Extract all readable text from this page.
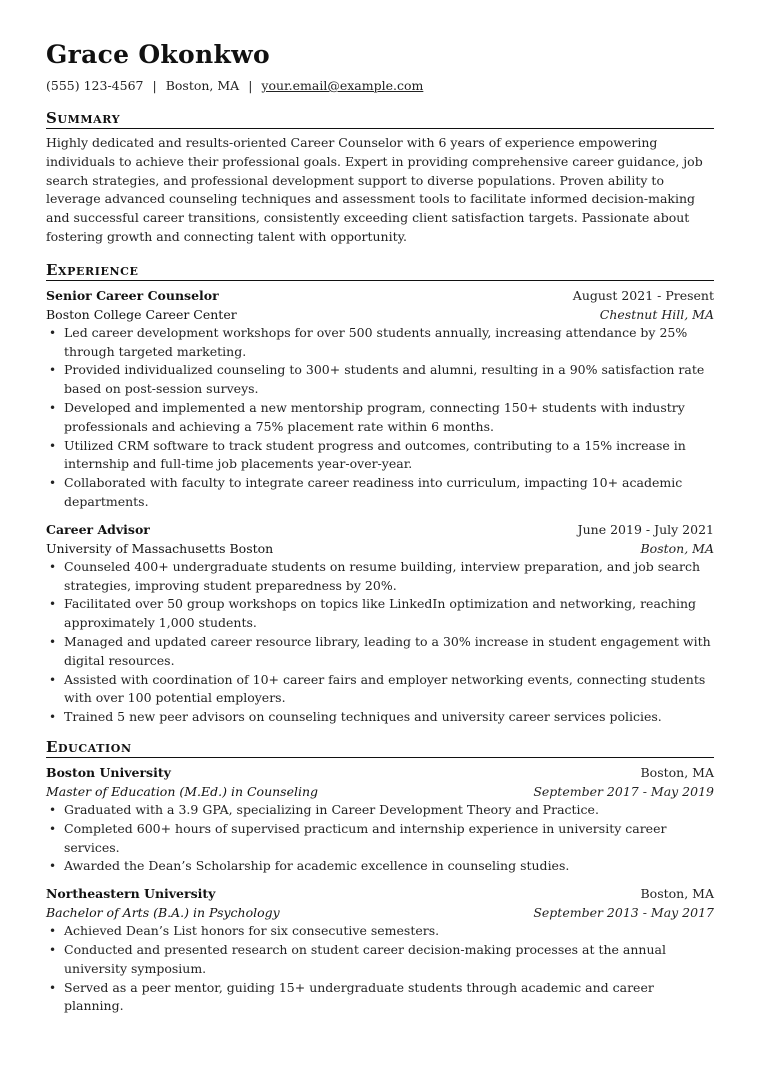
Grace Okonkwo
(555) 123-4567 | Boston, MA | your.email@example.com
Summary
Highly dedicated and results-oriented Career Counselor with 6 years of experience empowering individuals to achieve their professional goals. Expert in providing comprehensive career guidance, job search strategies, and professional development support to diverse populations. Proven ability to leverage advanced counseling techniques and assessment tools to facilitate informed decision-making and successful career transitions, consistently exceeding client satisfaction targets. Passionate about fostering growth and connecting talent with opportunity.
Experience
Senior Career Counselor	August 2021 - Present
Boston College Career Center	Chestnut Hill, MA
• Led career development workshops for over 500 students annually, increasing attendance by 25% through targeted marketing.
• Provided individualized counseling to 300+ students and alumni, resulting in a 90% satisfaction rate based on post-session surveys.
• Developed and implemented a new mentorship program, connecting 150+ students with industry professionals and achieving a 75% placement rate within 6 months.
• Utilized CRM software to track student progress and outcomes, contributing to a 15% increase in internship and full-time job placements year-over-year.
• Collaborated with faculty to integrate career readiness into curriculum, impacting 10+ academic departments.
Career Advisor	June 2019 - July 2021
University of Massachusetts Boston	Boston, MA
• Counseled 400+ undergraduate students on resume building, interview preparation, and job search strategies, improving student preparedness by 20%.
• Facilitated over 50 group workshops on topics like LinkedIn optimization and networking, reaching approximately 1,000 students.
• Managed and updated career resource library, leading to a 30% increase in student engagement with digital resources.
• Assisted with coordination of 10+ career fairs and employer networking events, connecting students with over 100 potential employers.
• Trained 5 new peer advisors on counseling techniques and university career services policies.
Education
Boston University	Boston, MA
Master of Education (M.Ed.) in Counseling	September 2017 - May 2019
• Graduated with a 3.9 GPA, specializing in Career Development Theory and Practice.
• Completed 600+ hours of supervised practicum and internship experience in university career services.
• Awarded the Dean’s Scholarship for academic excellence in counseling studies.
Northeastern University	Boston, MA
Bachelor of Arts (B.A.) in Psychology	September 2013 - May 2017
• Achieved Dean’s List honors for six consecutive semesters.
• Conducted and presented research on student career decision-making processes at the annual university symposium.
• Served as a peer mentor, guiding 15+ undergraduate students through academic and career planning.
